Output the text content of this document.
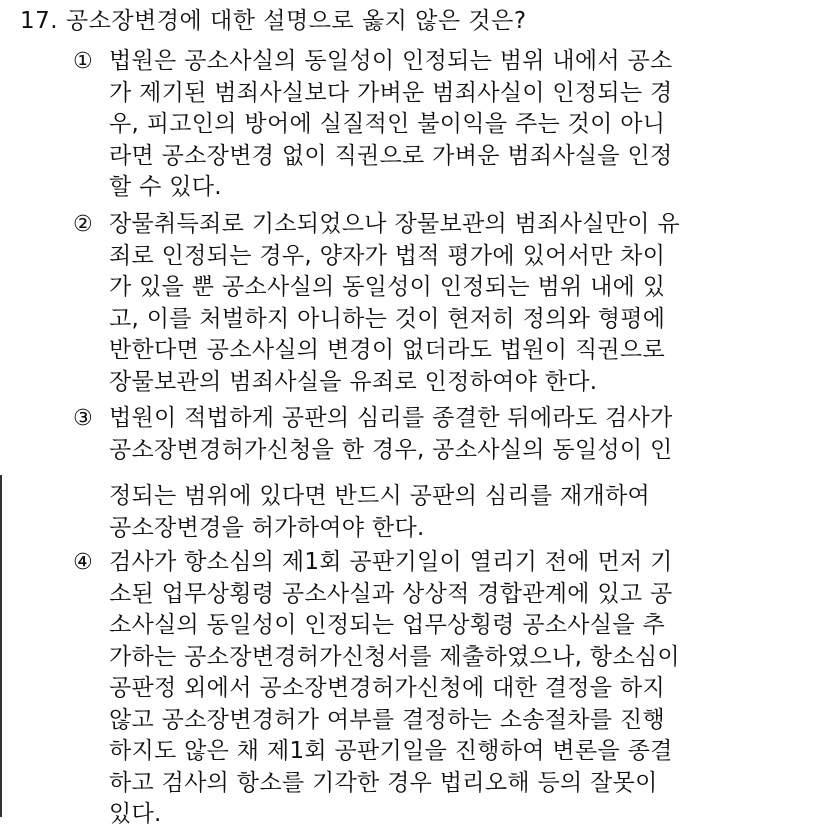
17. 공소장변경에 대한 설명으로 옳지 않은 것은?
① 법원은 공소사실의 동일성이 인정되는 범위 내에서 공소
가 제기된 범죄사실보다 가벼운 범죄사실이 인정되는 경
우, 피고인의 방어에 실질적인 불이익을 주는 것이 아니
라면 공소장변경 없이 직권으로 가벼운 범죄사실을 인정
할 수 있다.
② 장물취득죄로 기소되었으나 장물보관의 범죄사실만이 유
죄로 인정되는 경우, 양자가 법적 평가에 있어서만 차이
가 있을 뿐 공소사실의 동일성이 인정되는 범위 내에 있
고, 이를 처벌하지 아니하는 것이 현저히 정의와 형평에
반한다면 공소사실의 변경이 없더라도 법원이 직권으로
장물보관의 범죄사실을 유죄로 인정하여야 한다.
③ 법원이 적법하게 공판의 심리를 종결한 뒤에라도 검사가
공소장변경허가신청을 한 경우, 공소사실의 동일성이 인
정되는 범위에 있다면 반드시 공판의 심리를 재개하여
공소장변경을 허가하여야 한다.
④ 검사가 항소심의 제1회 공판기일이 열리기 전에 먼저 기
소된 업무상횡령 공소사실과 상상적 경합관계에 있고 공
소사실의 동일성이 인정되는 업무상횡령 공소사실을 추
가하는 공소장변경허가신청서를 제출하였으나, 항소심이
공판정 외에서 공소장변경허가신청에 대한 결정을 하지
않고 공소장변경허가 여부를 결정하는 소송절차를 진행
하지도 않은 채 제1회 공판기일을 진행하여 변론을 종결
하고 검사의 항소를 기각한 경우 법리오해 등의 잘못이
있다.
